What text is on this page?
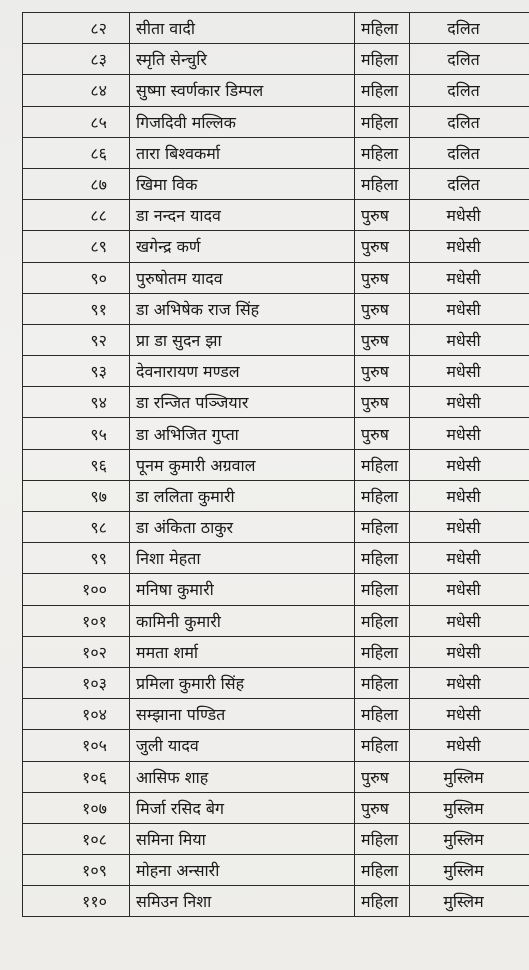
८२	सीता वादी	महिला	दलित
८३	स्मृति सेन्चुरि	महिला	दलित
८४	सुष्मा स्वर्णकार डिम्पल	महिला	दलित
८५	गिजदिवी मल्लिक	महिला	दलित
८६	तारा बिश्वकर्मा	महिला	दलित
८७	खिमा विक	महिला	दलित
८८	डा नन्दन यादव	पुरुष	मधेसी
८९	खगेन्द्र कर्ण	पुरुष	मधेसी
९०	पुरुषोतम यादव	पुरुष	मधेसी
९१	डा अभिषेक राज सिंह	पुरुष	मधेसी
९२	प्रा डा सुदन झा	पुरुष	मधेसी
९३	देवनारायण मण्डल	पुरुष	मधेसी
९४	डा रन्जित पञ्जियार	पुरुष	मधेसी
९५	डा अभिजित गुप्ता	पुरुष	मधेसी
९६	पूनम कुमारी अग्रवाल	महिला	मधेसी
९७	डा ललिता कुमारी	महिला	मधेसी
९८	डा अंकिता ठाकुर	महिला	मधेसी
९९	निशा मेहता	महिला	मधेसी
१००	मनिषा कुमारी	महिला	मधेसी
१०१	कामिनी कुमारी	महिला	मधेसी
१०२	ममता शर्मा	महिला	मधेसी
१०३	प्रमिला कुमारी सिंह	महिला	मधेसी
१०४	सम्झाना पण्डित	महिला	मधेसी
१०५	जुली यादव	महिला	मधेसी
१०६	आसिफ शाह	पुरुष	मुस्लिम
१०७	मिर्जा रसिद बेग	पुरुष	मुस्लिम
१०८	समिना मिया	महिला	मुस्लिम
१०९	मोहना अन्सारी	महिला	मुस्लिम
११०	समिउन निशा	महिला	मुस्लिम
